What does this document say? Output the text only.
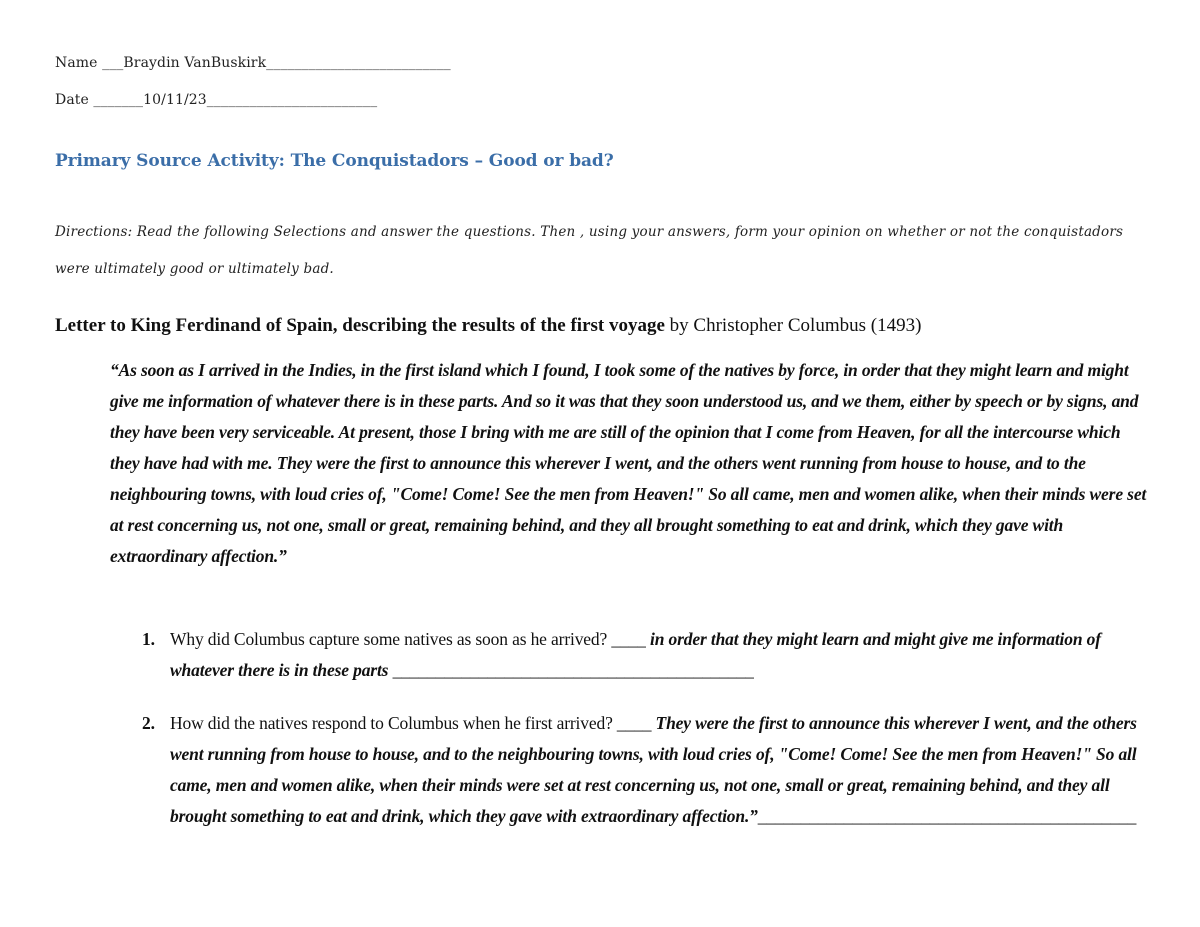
Name ___Braydin VanBuskirk__________________________
Date _______10/11/23________________________
Primary Source Activity: The Conquistadors – Good or bad?
Directions: Read the following Selections and answer the questions. Then , using your answers, form your opinion on whether or not the conquistadors were ultimately good or ultimately bad.
Letter to King Ferdinand of Spain, describing the results of the first voyage by Christopher Columbus (1493)
“As soon as I arrived in the Indies, in the first island which I found, I took some of the natives by force, in order that they might learn and might give me information of whatever there is in these parts. And so it was that they soon understood us, and we them, either by speech or by signs, and they have been very serviceable. At present, those I bring with me are still of the opinion that I come from Heaven, for all the intercourse which they have had with me. They were the first to announce this wherever I went, and the others went running from house to house, and to the neighbouring towns, with loud cries of, "Come! Come! See the men from Heaven!" So all came, men and women alike, when their minds were set at rest concerning us, not one, small or great, remaining behind, and they all brought something to eat and drink, which they gave with extraordinary affection.”
1. Why did Columbus capture some natives as soon as he arrived? ____ in order that they might learn and might give me information of whatever there is in these parts __________________________________________
2. How did the natives respond to Columbus when he first arrived? ____ They were the first to announce this wherever I went, and the others went running from house to house, and to the neighbouring towns, with loud cries of, "Come! Come! See the men from Heaven!" So all came, men and women alike, when their minds were set at rest concerning us, not one, small or great, remaining behind, and they all brought something to eat and drink, which they gave with extraordinary affection.”____________________________________________
